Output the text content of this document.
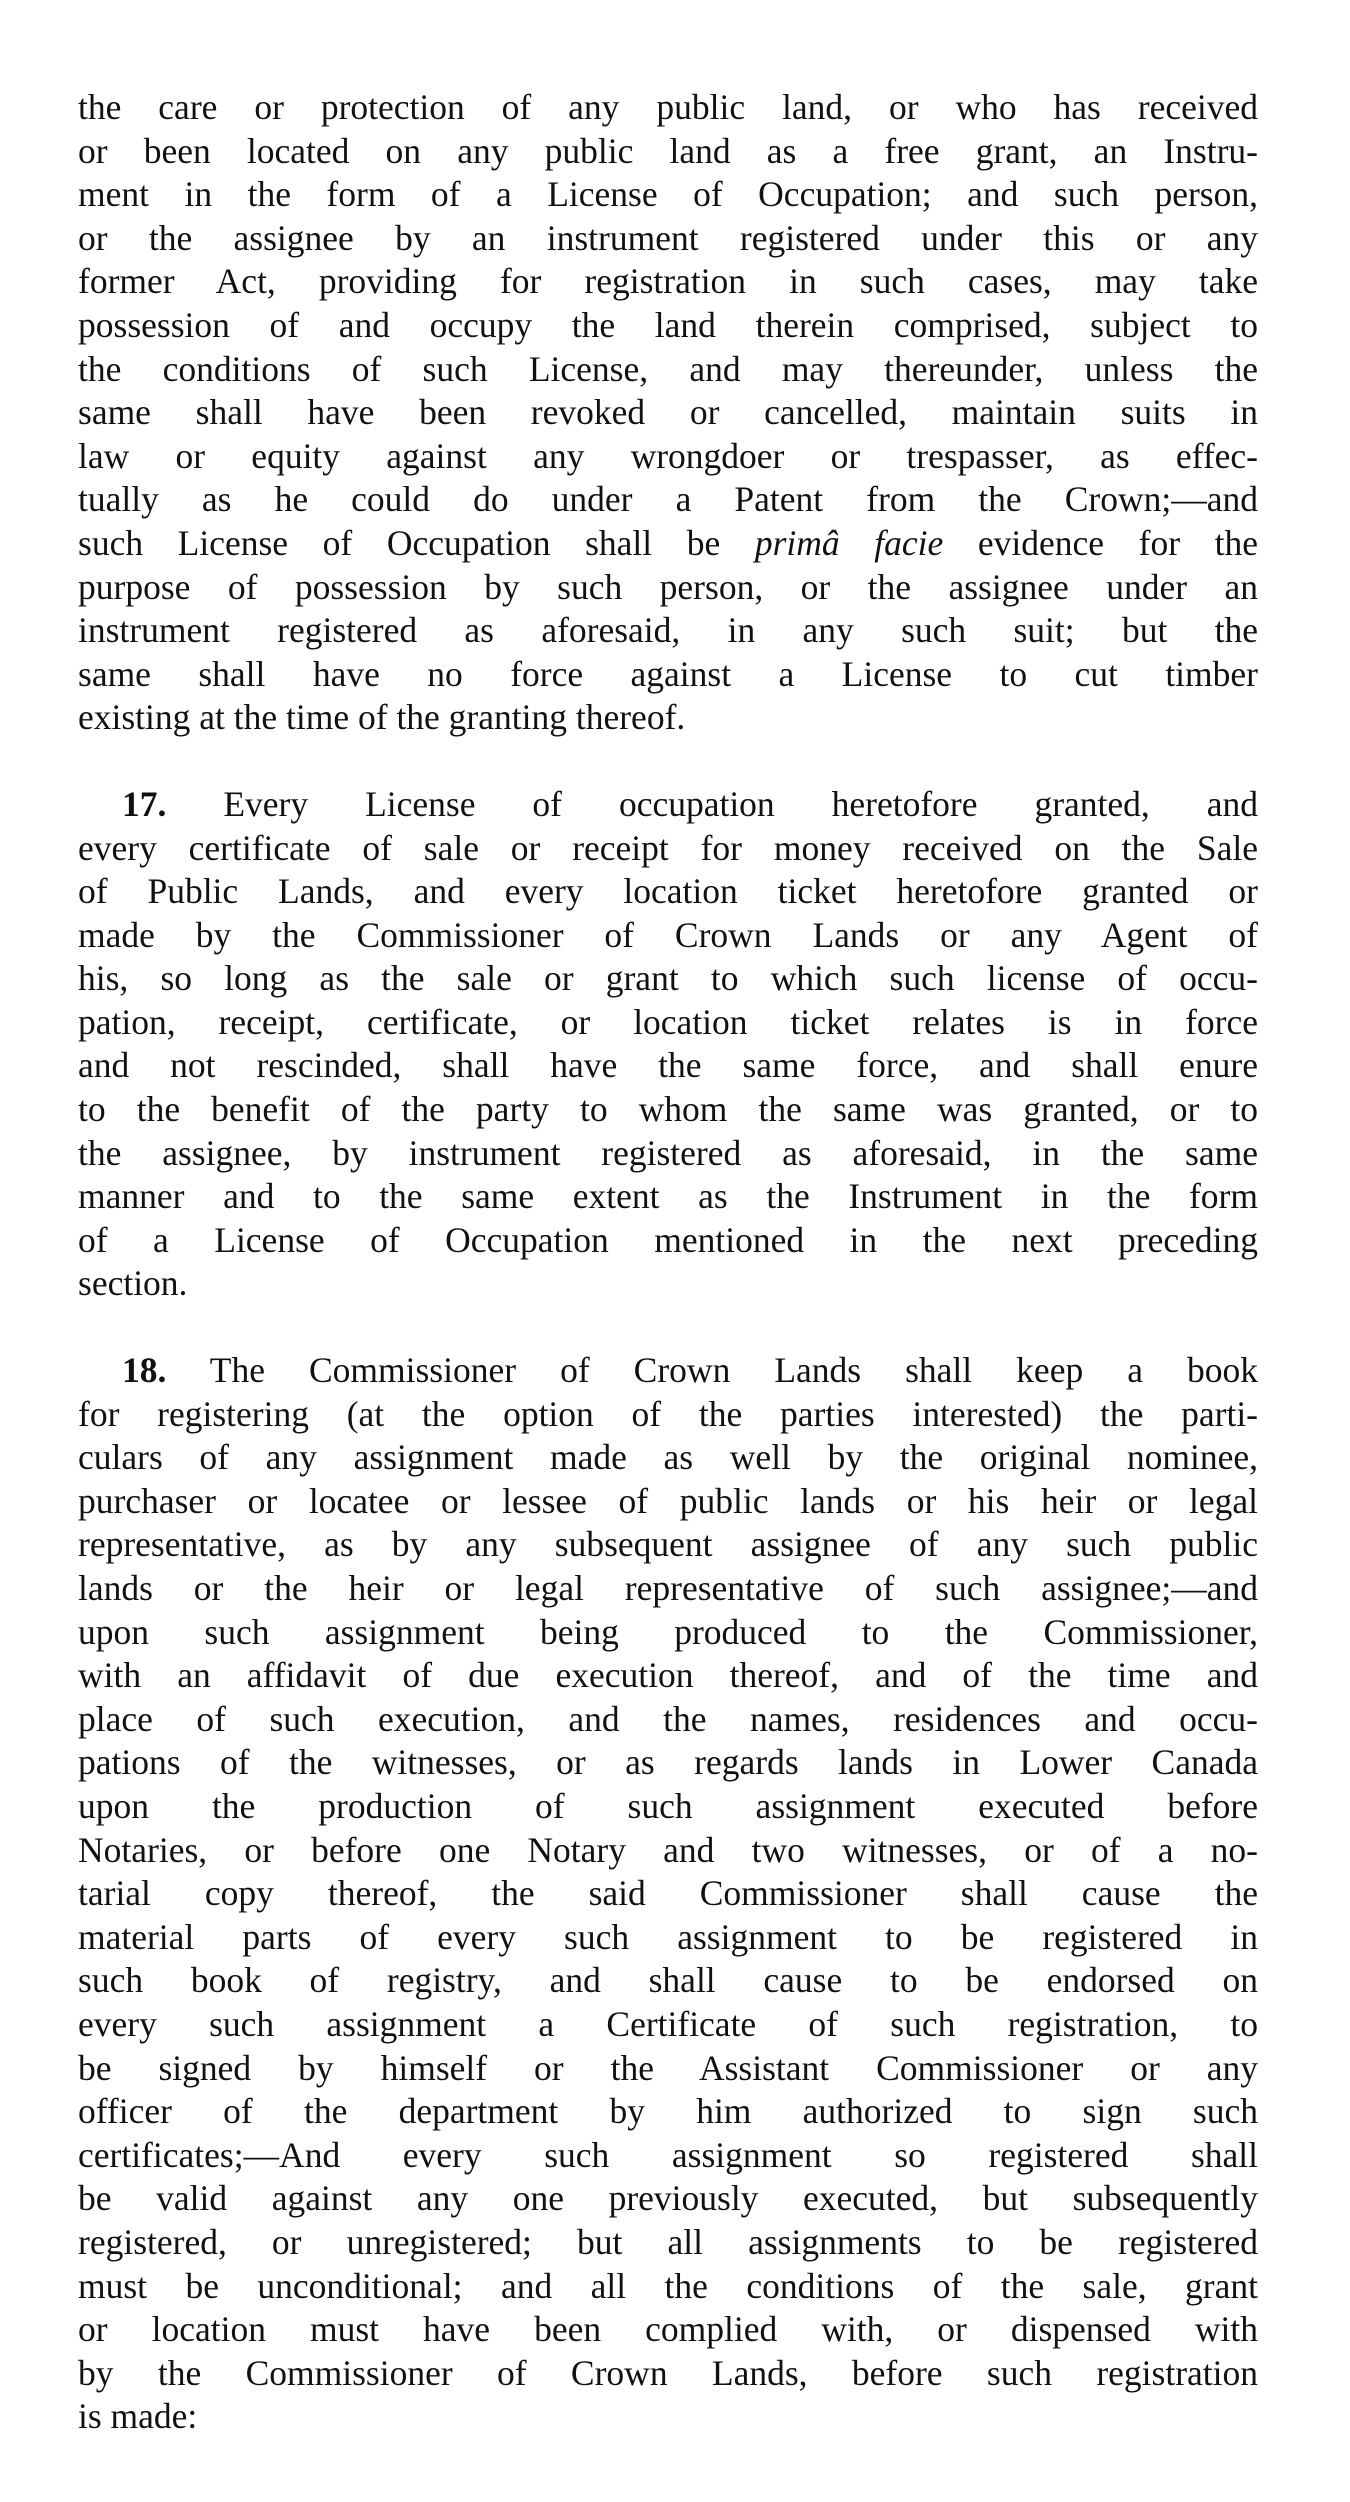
the care or protection of any public land, or who has received
or been located on any public land as a free grant, an Instru-
ment in the form of a License of Occupation; and such person,
or the assignee by an instrument registered under this or any
former Act, providing for registration in such cases, may take
possession of and occupy the land therein comprised, subject to
the conditions of such License, and may thereunder, unless the
same shall have been revoked or cancelled, maintain suits in
law or equity against any wrongdoer or trespasser, as effec-
tually as he could do under a Patent from the Crown;—and
such License of Occupation shall be primâ facie evidence for the
purpose of possession by such person, or the assignee under an
instrument registered as aforesaid, in any such suit; but the
same shall have no force against a License to cut timber
existing at the time of the granting thereof.
17. Every License of occupation heretofore granted, and
every certificate of sale or receipt for money received on the Sale
of Public Lands, and every location ticket heretofore granted or
made by the Commissioner of Crown Lands or any Agent of
his, so long as the sale or grant to which such license of occu-
pation, receipt, certificate, or location ticket relates is in force
and not rescinded, shall have the same force, and shall enure
to the benefit of the party to whom the same was granted, or to
the assignee, by instrument registered as aforesaid, in the same
manner and to the same extent as the Instrument in the form
of a License of Occupation mentioned in the next preceding
section.
18. The Commissioner of Crown Lands shall keep a book
for registering (at the option of the parties interested) the parti-
culars of any assignment made as well by the original nominee,
purchaser or locatee or lessee of public lands or his heir or legal
representative, as by any subsequent assignee of any such public
lands or the heir or legal representative of such assignee;—and
upon such assignment being produced to the Commissioner,
with an affidavit of due execution thereof, and of the time and
place of such execution, and the names, residences and occu-
pations of the witnesses, or as regards lands in Lower Canada
upon the production of such assignment executed before
Notaries, or before one Notary and two witnesses, or of a no-
tarial copy thereof, the said Commissioner shall cause the
material parts of every such assignment to be registered in
such book of registry, and shall cause to be endorsed on
every such assignment a Certificate of such registration, to
be signed by himself or the Assistant Commissioner or any
officer of the department by him authorized to sign such
certificates;—And every such assignment so registered shall
be valid against any one previously executed, but subsequently
registered, or unregistered; but all assignments to be registered
must be unconditional; and all the conditions of the sale, grant
or location must have been complied with, or dispensed with
by the Commissioner of Crown Lands, before such registration
is made:
